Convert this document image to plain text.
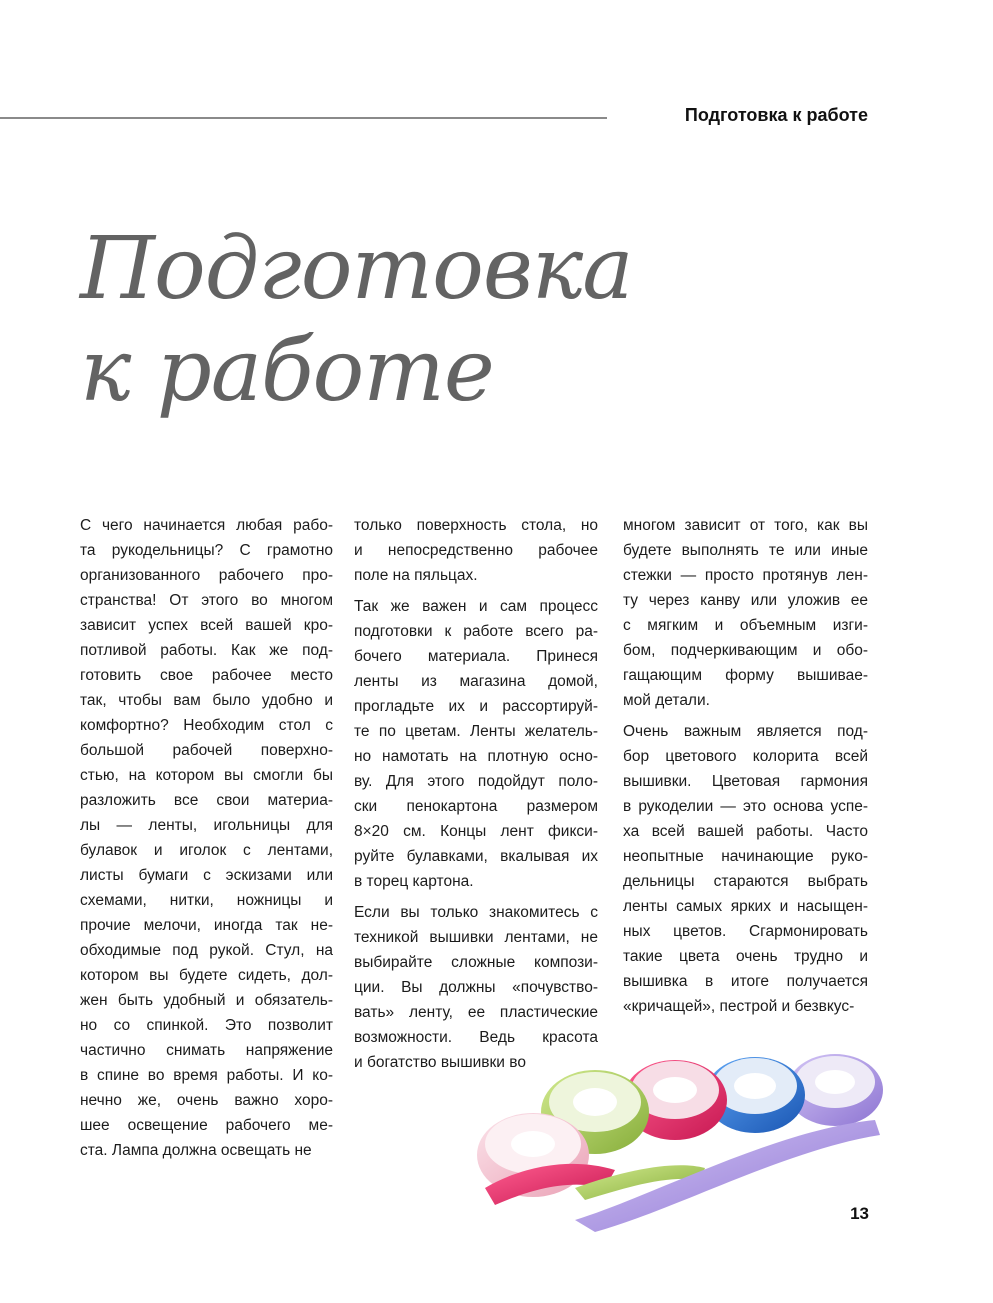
Подготовка к работе
Подготовка
к работе

С чего начинается любая рабо-
та рукодельницы? С грамотно
организованного рабочего про-
странства! От этого во многом
зависит успех всей вашей кро-
потливой работы. Как же под-
готовить свое рабочее место
так, чтобы вам было удобно и
комфортно? Необходим стол с
большой рабочей поверхно-
стью, на котором вы смогли бы
разложить все свои материа-
лы — ленты, игольницы для
булавок и иголок с лентами,
листы бумаги с эскизами или
схемами, нитки, ножницы и
прочие мелочи, иногда так не-
обходимые под рукой. Стул, на
котором вы будете сидеть, дол-
жен быть удобный и обязатель-
но со спинкой. Это позволит
частично снимать напряжение
в спине во время работы. И ко-
нечно же, очень важно хоро-
шее освещение рабочего ме-
ста. Лампа должна освещать не

только поверхность стола, но
и непосредственно рабочее
поле на пяльцах.

Так же важен и сам процесс
подготовки к работе всего ра-
бочего материала. Принеся
ленты из магазина домой,
прогладьте их и рассортируй-
те по цветам. Ленты желатель-
но намотать на плотную осно-
ву. Для этого подойдут поло-
ски пенокартона размером
8×20 см. Концы лент фикси-
руйте булавками, вкалывая их
в торец картона.

Если вы только знакомитесь с
техникой вышивки лентами, не
выбирайте сложные компози-
ции. Вы должны «почувство-
вать» ленту, ее пластические
возможности. Ведь красота
и богатство вышивки во

многом зависит от того, как вы
будете выполнять те или иные
стежки — просто протянув лен-
ту через канву или уложив ее
с мягким и объемным изги-
бом, подчеркивающим и обо-
гащающим форму вышивае-
мой детали.

Очень важным является под-
бор цветового колорита всей
вышивки. Цветовая гармония
в рукоделии — это основа успе-
ха всей вашей работы. Часто
неопытные начинающие руко-
дельницы стараются выбрать
ленты самых ярких и насыщен-
ных цветов. Сгармонировать
такие цвета очень трудно и
вышивка в итоге получается
«кричащей», пестрой и безвкус-

13
